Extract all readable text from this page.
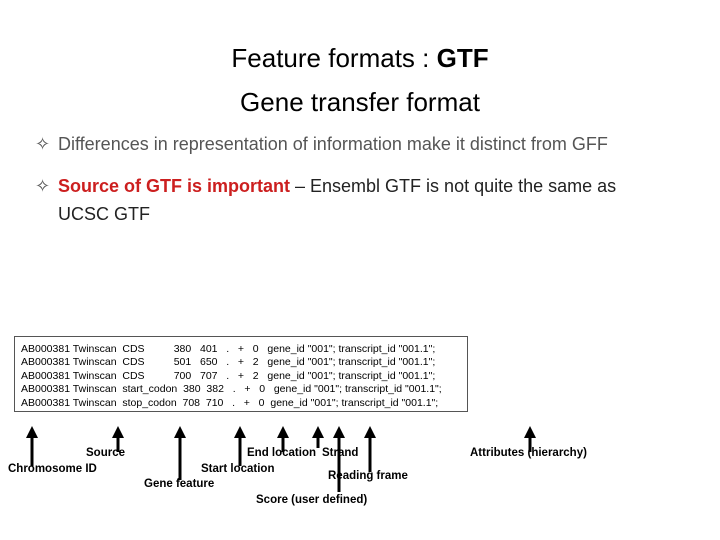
Feature formats : GTF
Gene transfer format
✧ Differences in representation of information make it distinct from GFF
✧ Source of GTF is important – Ensembl GTF is not quite the same as
UCSC GTF
AB000381 Twinscan  CDS          380   401   .   +   0   gene_id "001"; transcript_id "001.1";
AB000381 Twinscan  CDS          501   650   .   +   2   gene_id "001"; transcript_id "001.1";
AB000381 Twinscan  CDS          700   707   .   +   2   gene_id "001"; transcript_id "001.1";
AB000381 Twinscan  start_codon  380  382   .   +   0   gene_id "001"; transcript_id "001.1";
AB000381 Twinscan  stop_codon  708  710   .   +   0  gene_id "001"; transcript_id "001.1";
Source
Chromosome ID
Gene feature
Start location
End location Strand
Reading frame
Score (user defined)
Attributes (hierarchy)
